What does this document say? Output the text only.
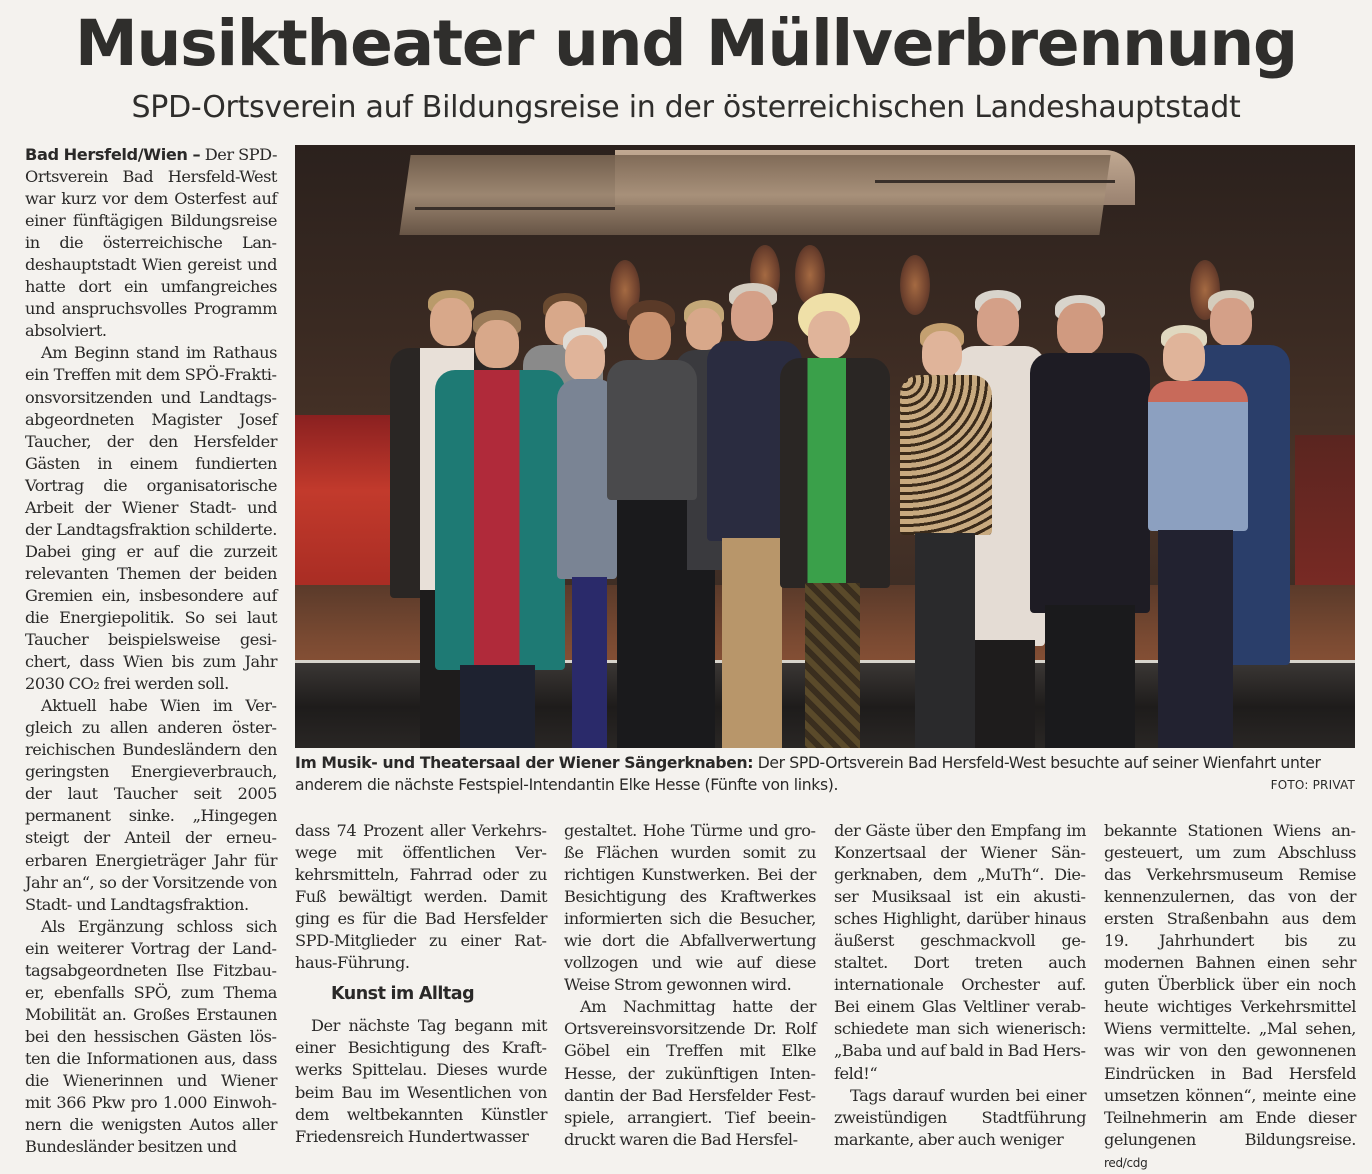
Musiktheater und Müllverbrennung
SPD-Ortsverein auf Bildungsreise in der österreichischen Landeshauptstadt

Bad Hersfeld/Wien – Der SPD-Ortsverein Bad Hersfeld-West war kurz vor dem Osterfest auf einer fünftägigen Bildungsreise in die österreichische Landeshauptstadt Wien gereist und hatte dort ein umfangreiches und anspruchsvolles Programm absolviert.

Am Beginn stand im Rathaus ein Treffen mit dem SPÖ-Fraktionsvorsitzenden und Landtagsabgeordneten Magister Josef Taucher, der den Hersfelder Gästen in einem fundierten Vortrag die organisatorische Arbeit der Wiener Stadt- und der Landtagsfraktion schilderte. Dabei ging er auf die zurzeit relevanten Themen der beiden Gremien ein, insbesondere auf die Energiepolitik. So sei laut Taucher beispielsweise gesichert, dass Wien bis zum Jahr 2030 CO₂ frei werden soll.

Aktuell habe Wien im Vergleich zu allen anderen österreichischen Bundesländern den geringsten Energieverbrauch, der laut Taucher seit 2005 permanent sinke. „Hingegen steigt der Anteil der erneuerbaren Energieträger Jahr für Jahr an“, so der Vorsitzende von Stadt- und Landtagsfraktion.

Als Ergänzung schloss sich ein weiterer Vortrag der Landtagsabgeordneten Ilse Fitzbauer, ebenfalls SPÖ, zum Thema Mobilität an. Großes Erstaunen bei den hessischen Gästen lösten die Informationen aus, dass die Wienerinnen und Wiener mit 366 Pkw pro 1.000 Einwohnern die wenigsten Autos aller Bundesländer besitzen und

Im Musik- und Theatersaal der Wiener Sängerknaben: Der SPD-Ortsverein Bad Hersfeld-West besuchte auf seiner Wienfahrt unter anderem die nächste Festspiel-Intendantin Elke Hesse (Fünfte von links).	FOTO: PRIVAT

dass 74 Prozent aller Verkehrswege mit öffentlichen Verkehrsmitteln, Fahrrad oder zu Fuß bewältigt werden. Damit ging es für die Bad Hersfelder SPD-Mitglieder zu einer Rathaus-Führung.

Kunst im Alltag

Der nächste Tag begann mit einer Besichtigung des Kraftwerks Spittelau. Dieses wurde beim Bau im Wesentlichen von dem weltbekannten Künstler Friedensreich Hundertwasser

gestaltet. Hohe Türme und große Flächen wurden somit zu richtigen Kunstwerken. Bei der Besichtigung des Kraftwerkes informierten sich die Besucher, wie dort die Abfallverwertung vollzogen und wie auf diese Weise Strom gewonnen wird.

Am Nachmittag hatte der Ortsvereinsvorsitzende Dr. Rolf Göbel ein Treffen mit Elke Hesse, der zukünftigen Intendantin der Bad Hersfelder Festspiele, arrangiert. Tief beeindruckt waren die Bad Hersfel-

der Gäste über den Empfang im Konzertsaal der Wiener Sängerknaben, dem „MuTh“. Dieser Musiksaal ist ein akustisches Highlight, darüber hinaus äußerst geschmackvoll gestaltet. Dort treten auch internationale Orchester auf. Bei einem Glas Veltliner verabschiedete man sich wienerisch: „Baba und auf bald in Bad Hersfeld!“

Tags darauf wurden bei einer zweistündigen Stadtführung markante, aber auch weniger

bekannte Stationen Wiens angesteuert, um zum Abschluss das Verkehrsmuseum Remise kennenzulernen, das von der ersten Straßenbahn aus dem 19. Jahrhundert bis zu modernen Bahnen einen sehr guten Überblick über ein noch heute wichtiges Verkehrsmittel Wiens vermittelte. „Mal sehen, was wir von den gewonnenen Eindrücken in Bad Hersfeld umsetzen können“, meinte eine Teilnehmerin am Ende dieser gelungenen Bildungsreise. red/cdg
